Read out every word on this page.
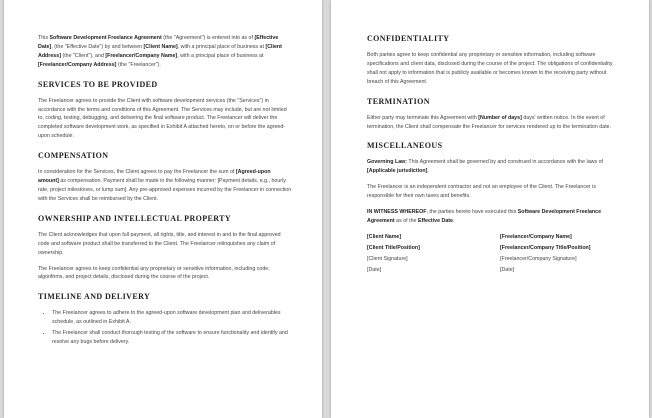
This Software Development Freelance Agreement (the "Agreement") is entered into as of [Effective Date], (the "Effective Date") by and between [Client Name], with a principal place of business at [Client Address] (the "Client"), and [Freelancer/Company Name], with a principal place of business at [Freelancer/Company Address] (the "Freelancer").

SERVICES TO BE PROVIDED

The Freelancer agrees to provide the Client with software development services (the "Services") in accordance with the terms and conditions of this Agreement. The Services may include, but are not limited to, coding, testing, debugging, and delivering the final software product. The Freelancer will deliver the completed software development work, as specified in Exhibit A attached hereto, on or before the agreed-upon schedule.

COMPENSATION

In consideration for the Services, the Client agrees to pay the Freelancer the sum of [Agreed-upon amount] as compensation. Payment shall be made in the following manner: [Payment details, e.g., hourly rate, project milestones, or lump sum]. Any pre-approved expenses incurred by the Freelancer in connection with the Services shall be reimbursed by the Client.

OWNERSHIP AND INTELLECTUAL PROPERTY

The Client acknowledges that upon full payment, all rights, title, and interest in and to the final approved code and software product shall be transferred to the Client. The Freelancer relinquishes any claim of ownership.

The Freelancer agrees to keep confidential any proprietary or sensitive information, including code, algorithms, and project details, disclosed during the course of the project.

TIMELINE AND DELIVERY
• The Freelancer agrees to adhere to the agreed-upon software development plan and deliverables schedule, as outlined in Exhibit A.
• The Freelancer shall conduct thorough testing of the software to ensure functionality and identify and resolve any bugs before delivery.
CONFIDENTIALITY

Both parties agree to keep confidential any proprietary or sensitive information, including software specifications and client data, disclosed during the course of the project. The obligations of confidentiality shall not apply to information that is publicly available or becomes known to the receiving party without breach of this Agreement.

TERMINATION

Either party may terminate this Agreement with [Number of days] days' written notice. In the event of termination, the Client shall compensate the Freelancer for services rendered up to the termination date.

MISCELLANEOUS

Governing Law: This Agreement shall be governed by and construed in accordance with the laws of [Applicable jurisdiction].

The Freelancer is an independent contractor and not an employee of the Client. The Freelancer is responsible for their own taxes and benefits.

IN WITNESS WHEREOF, the parties hereto have executed this Software Development Freelance Agreement as of the Effective Date.

[Client Name]	[Freelancer/Company Name]
[Client Title/Position]	[Freelancer/Company Title/Position]
[Client Signature]	[Freelancer/Company Signature]
[Date]	[Date]
